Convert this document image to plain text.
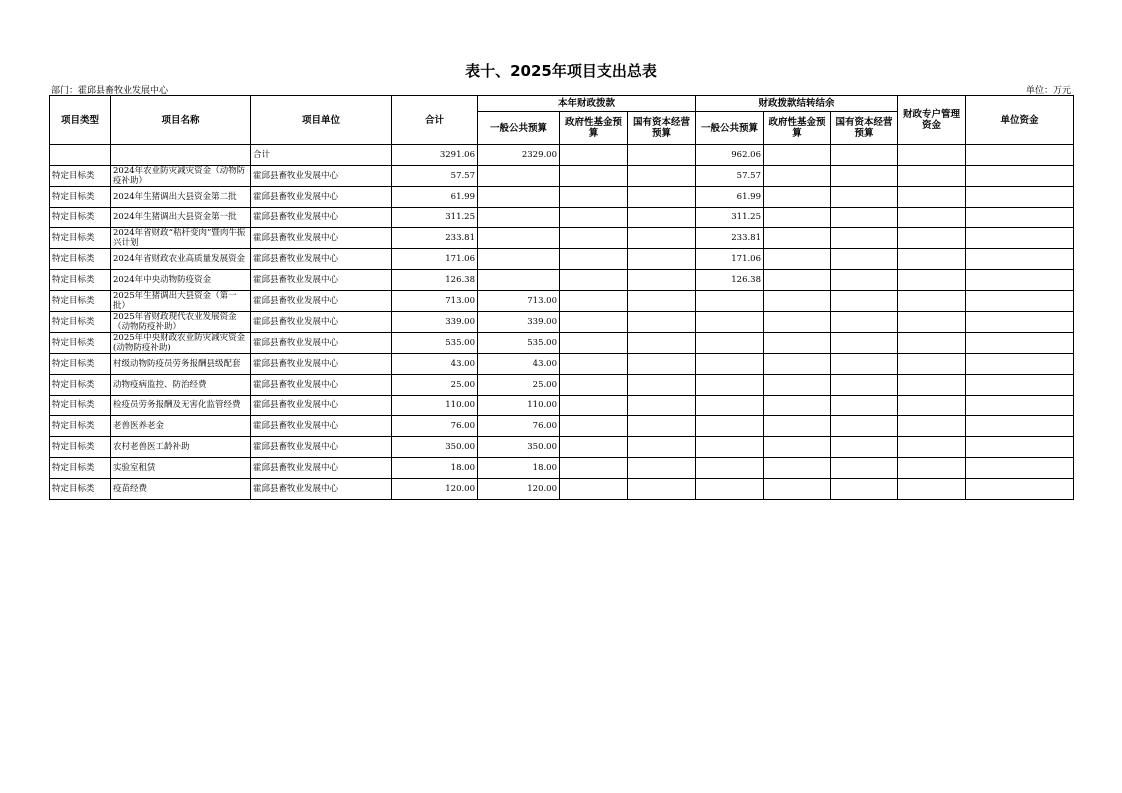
表十、2025年项目支出总表
部门：霍邱县畜牧业发展中心	单位：万元
项目类型	项目名称	项目单位	合计	本年财政拨款			财政拨款结转结余			财政专户管理资金	单位资金
				一般公共预算	政府性基金预算	国有资本经营预算	一般公共预算	政府性基金预算	国有资本经营预算		
		合计	3291.06	2329.00			962.06				
特定目标类	2024年农业防灾减灾资金（动物防疫补助）	霍邱县畜牧业发展中心	57.57				57.57				
特定目标类	2024年生猪调出大县资金第二批	霍邱县畜牧业发展中心	61.99				61.99				
特定目标类	2024年生猪调出大县资金第一批	霍邱县畜牧业发展中心	311.25				311.25				
特定目标类	2024年省财政“秸秆变肉”暨肉牛振兴计划	霍邱县畜牧业发展中心	233.81				233.81				
特定目标类	2024年省财政农业高质量发展资金	霍邱县畜牧业发展中心	171.06				171.06				
特定目标类	2024年中央动物防疫资金	霍邱县畜牧业发展中心	126.38				126.38				
特定目标类	2025年生猪调出大县资金（第一批）	霍邱县畜牧业发展中心	713.00	713.00							
特定目标类	2025年省财政现代农业发展资金（动物防疫补助）	霍邱县畜牧业发展中心	339.00	339.00							
特定目标类	2025年中央财政农业防灾减灾资金(动物防疫补助)	霍邱县畜牧业发展中心	535.00	535.00							
特定目标类	村级动物防疫员劳务报酬县级配套	霍邱县畜牧业发展中心	43.00	43.00							
特定目标类	动物疫病监控、防治经费	霍邱县畜牧业发展中心	25.00	25.00							
特定目标类	检疫员劳务报酬及无害化监管经费	霍邱县畜牧业发展中心	110.00	110.00							
特定目标类	老兽医养老金	霍邱县畜牧业发展中心	76.00	76.00							
特定目标类	农村老兽医工龄补助	霍邱县畜牧业发展中心	350.00	350.00							
特定目标类	实验室租赁	霍邱县畜牧业发展中心	18.00	18.00							
特定目标类	疫苗经费	霍邱县畜牧业发展中心	120.00	120.00							
